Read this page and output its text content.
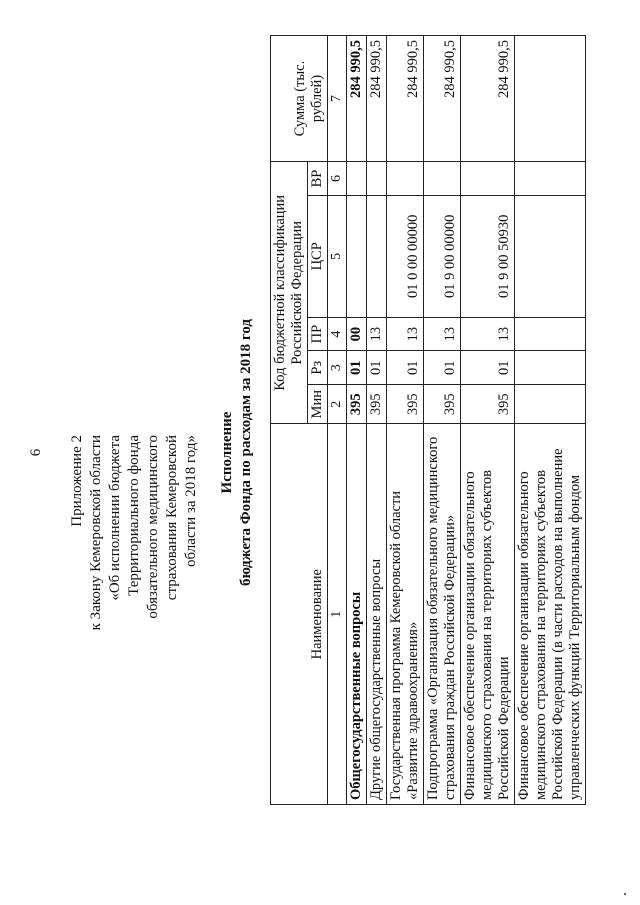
6 Приложение 2 к Закону Кемеровской области «Об исполнении бюджета Территориального фонда обязательного медицинского страхования Кемеровской области за 2018 год» Исполнение бюджета Фонда по расходам за 2018 год
Наименование	Код бюджетной классификации Российской Федерации					Сумма (тыс. рублей)
	Мин	Рз	ПР	ЦСР	ВР	
1	2	3	4	5	6	7
Общегосударственные вопросы	395	01	00			284 990,5
Другие общегосударственные вопросы	395	01	13			284 990,5
Государственная программа Кемеровской области «Развитие здравоохранения»	395	01	13	01 0 00 00000		284 990,5
Подпрограмма «Организация обязательного медицинского страхования граждан Российской Федерации»	395	01	13	01 9 00 00000		284 990,5
Финансовое обеспечение организации обязательного медицинского страхования на территориях субъектов Российской Федерации	395	01	13	01 9 00 50930		284 990,5
Финансовое обеспечение организации обязательного медицинского страхования на территориях субъектов Российской Федерации (в части расходов на выполнение управленческих функций Территориальным фондом						
